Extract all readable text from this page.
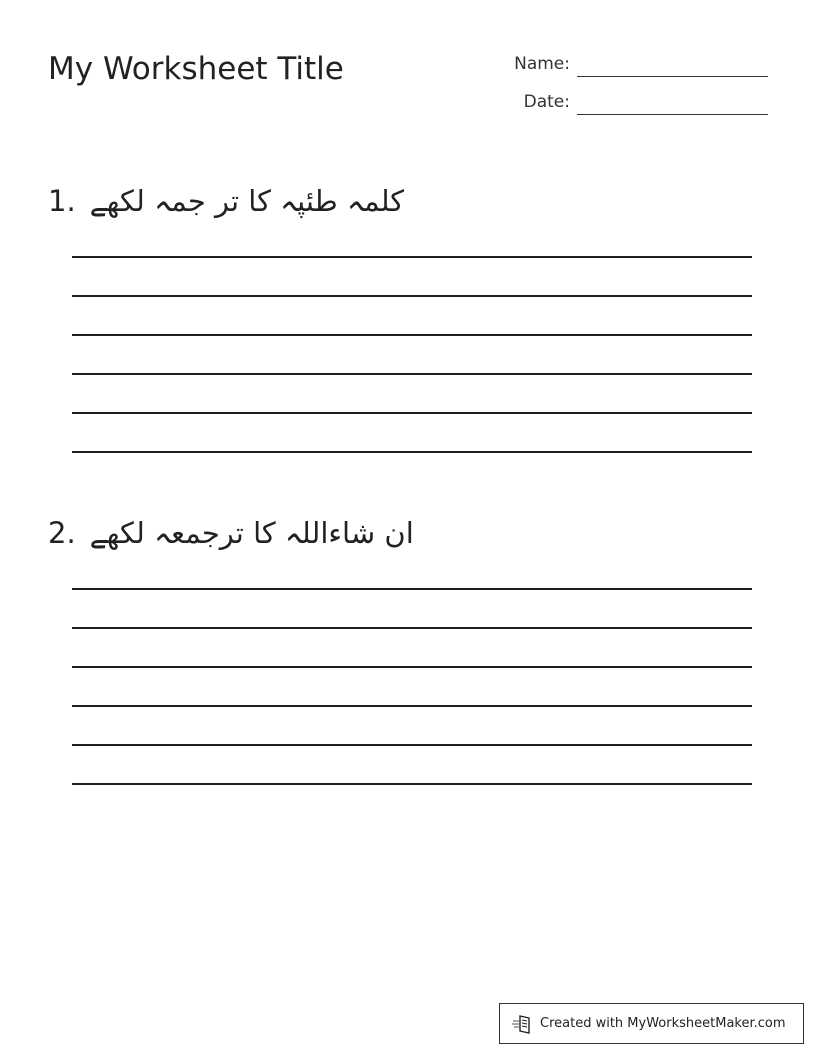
My Worksheet Title	Name:
Date:
1. کلمہ طئپہ کا تر جمہ لکھے
2. ان شاءاللہ کا ترجمعہ لکھے
Created with MyWorksheetMaker.com
